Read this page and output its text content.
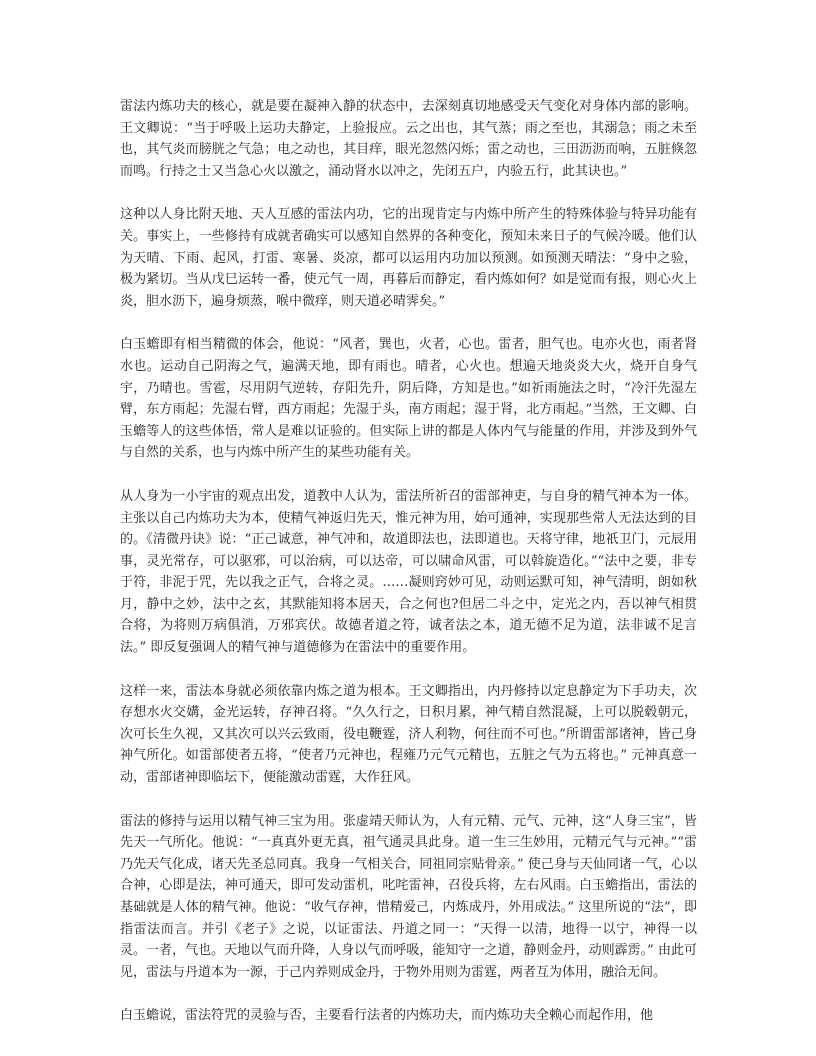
雷法内炼功夫的核心，就是要在凝神入静的状态中，去深刻真切地感受天气变化对身体内部的影响。王文卿说：“当于呼吸上运功夫静定，上验报应。云之出也，其气蒸；雨之至也，其溺急；雨之未至也，其气炎而膀胱之气急；电之动也，其目痒，眼光忽然闪烁；雷之动也，三田沥沥而响，五脏倏忽而鸣。行持之士又当急心火以激之，涌动肾水以冲之，先闭五户，内验五行，此其诀也。”

这种以人身比附天地、天人互感的雷法内功，它的出现肯定与内炼中所产生的特殊体验与特异功能有关。事实上，一些修持有成就者确实可以感知自然界的各种变化，预知未来日子的气候冷暖。他们认为天晴、下雨、起风，打雷、寒暑、炎凉，都可以运用内功加以预测。如预测天晴法：“身中之验，极为紧切。当从戊巳运转一番，使元气一周，再暮后而静定，看内炼如何？如是觉而有报，则心火上炎，胆水沥下，遍身烦蒸，喉中微痒，则天道必晴霁矣。”

白玉蟾即有相当精微的体会，他说：“风者，巽也，火者，心也。雷者，胆气也。电亦火也，雨者肾水也。运动自己阴海之气，遍满天地，即有雨也。晴者，心火也。想遍天地炎炎大火，烧开自身气宇，乃晴也。雪雹，尽用阴气逆转，存阳先升，阴后降，方知是也。”如祈雨施法之时，“冷汗先湿左臂，东方雨起；先湿右臂，西方雨起；先湿于头，南方雨起；湿于肾，北方雨起。”当然，王文卿、白玉蟾等人的这些体悟，常人是难以证验的。但实际上讲的都是人体内气与能量的作用，并涉及到外气与自然的关系，也与内炼中所产生的某些功能有关。

从人身为一小宇宙的观点出发，道教中人认为，雷法所祈召的雷部神吏，与自身的精气神本为一体。主张以自己内炼功夫为本，使精气神返归先天，惟元神为用，始可通神，实现那些常人无法达到的目的。《清微丹诀》说：“正己诚意，神气冲和，故道即法也，法即道也。天将守律，地祇卫门，元辰用事，灵光常存，可以驱邪，可以治病，可以达帝，可以啸命风雷，可以斡旋造化。”“法中之要，非专于符，非泥于咒，先以我之正气，合将之灵。……凝则窍妙可见，动则运默可知，神气清明，朗如秋月，静中之妙，法中之玄，其默能知将本居天，合之何也?但居二斗之中，定光之内，吾以神气相贯合将，为将则万病俱消，万邪宾伏。故德者道之符，诚者法之本，道无德不足为道，法非诚不足言法。” 即反复强调人的精气神与道德修为在雷法中的重要作用。

这样一来，雷法本身就必须依靠内炼之道为根本。王文卿指出，内丹修持以定息静定为下手功夫，次存想水火交媾，金光运转，存神召将。“久久行之，日积月累，神气精自然混凝，上可以脱毂朝元，次可长生久视，又其次可以兴云致雨，役电鞭霆，济人利物，何往而不可也。”所谓雷部诸神，皆己身神气所化。如雷部使者五将，“使者乃元神也，程雍乃元气元精也，五脏之气为五将也。” 元神真意一动，雷部诸神即临坛下，便能激动雷霆，大作狂风。

雷法的修持与运用以精气神三宝为用。张虚靖天师认为，人有元精、元气、元神，这“人身三宝”，皆先天一气所化。他说：“一真真外更无真，祖气通灵具此身。道一生三生妙用，元精元气与元神。”“雷乃先天气化成，诸天先圣总同真。我身一气相关合，同祖同宗贴骨亲。” 使己身与天仙同诸一气，心以合神，心即是法，神可通天，即可发动雷机，叱咤雷神，召役兵将，左右风雨。白玉蟾指出，雷法的基础就是人体的精气神。他说：“收气存神，惜精爱己，内炼成丹，外用成法。” 这里所说的“法”，即指雷法而言。并引《老子》之说，以证雷法、丹道之同一：“天得一以清，地得一以宁，神得一以灵。一者，气也。天地以气而升降，人身以气而呼吸，能知守一之道，静则金丹，动则霹雳。” 由此可见，雷法与丹道本为一源，于己内养则成金丹，于物外用则为雷霆，两者互为体用，融洽无间。

白玉蟾说，雷法符咒的灵验与否，主要看行法者的内炼功夫，而内炼功夫全赖心而起作用，他
